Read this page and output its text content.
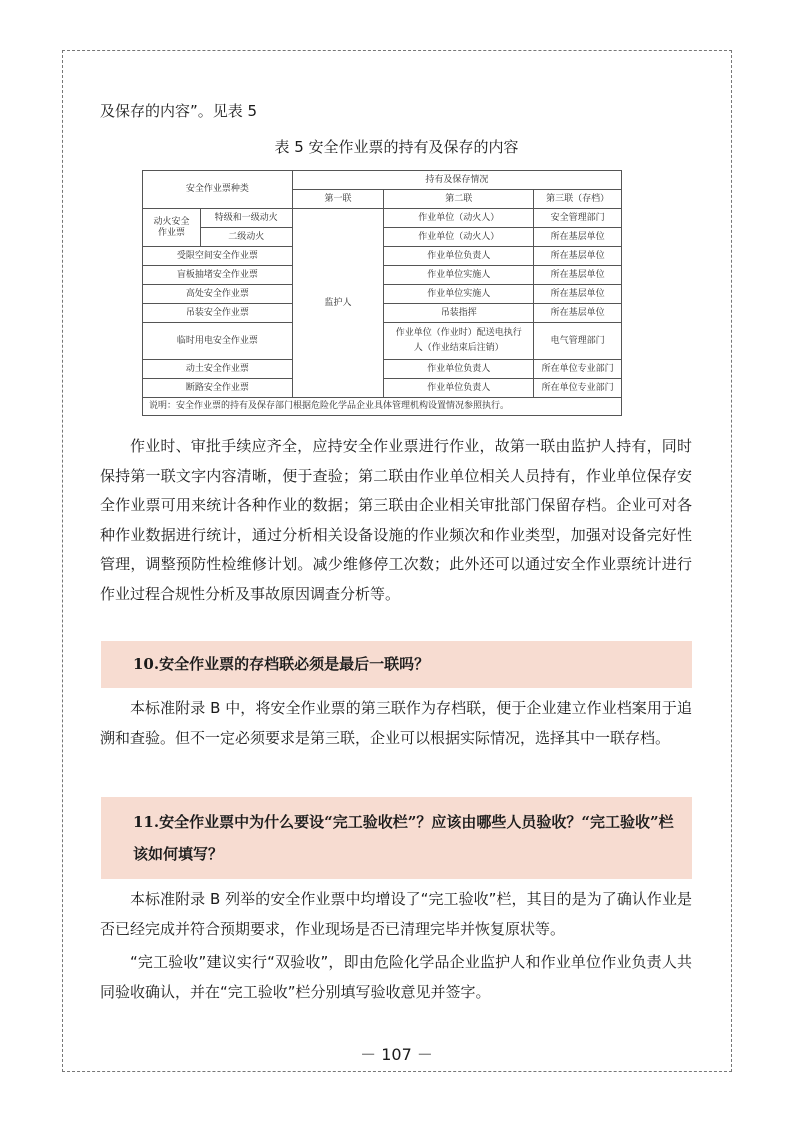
及保存的内容”。见表 5
表 5 安全作业票的持有及保存的内容
安全作业票种类		持有及保存情况		
		第一联	第二联	第三联（存档）
动火安全作业票	特级和一级动火	监护人	作业单位（动火人）	安全管理部门
	二级动火		作业单位（动火人）	所在基层单位
受限空间安全作业票			作业单位负责人	所在基层单位
盲板抽堵安全作业票			作业单位实施人	所在基层单位
高处安全作业票			作业单位实施人	所在基层单位
吊装安全作业票			吊装指挥	所在基层单位
临时用电安全作业票			作业单位（作业时）配送电执行人（作业结束后注销）	电气管理部门
动土安全作业票			作业单位负责人	所在单位专业部门
断路安全作业票			作业单位负责人	所在单位专业部门
说明：安全作业票的持有及保存部门根据危险化学品企业具体管理机构设置情况参照执行。				

作业时、审批手续应齐全，应持安全作业票进行作业，故第一联由监护人持有，同时保持第一联文字内容清晰，便于查验；第二联由作业单位相关人员持有，作业单位保存安全作业票可用来统计各种作业的数据；第三联由企业相关审批部门保留存档。企业可对各种作业数据进行统计，通过分析相关设备设施的作业频次和作业类型，加强对设备完好性管理，调整预防性检维修计划。减少维修停工次数；此外还可以通过安全作业票统计进行作业过程合规性分析及事故原因调查分析等。

10.安全作业票的存档联必须是最后一联吗？

本标准附录 B 中，将安全作业票的第三联作为存档联，便于企业建立作业档案用于追溯和查验。但不一定必须要求是第三联，企业可以根据实际情况，选择其中一联存档。

11.安全作业票中为什么要设“完工验收栏”？应该由哪些人员验收？“完工验收”栏该如何填写？

本标准附录 B 列举的安全作业票中均增设了“完工验收”栏，其目的是为了确认作业是否已经完成并符合预期要求，作业现场是否已清理完毕并恢复原状等。

“完工验收”建议实行“双验收”，即由危险化学品企业监护人和作业单位作业负责人共同验收确认，并在“完工验收”栏分别填写验收意见并签字。

－ 107 －
